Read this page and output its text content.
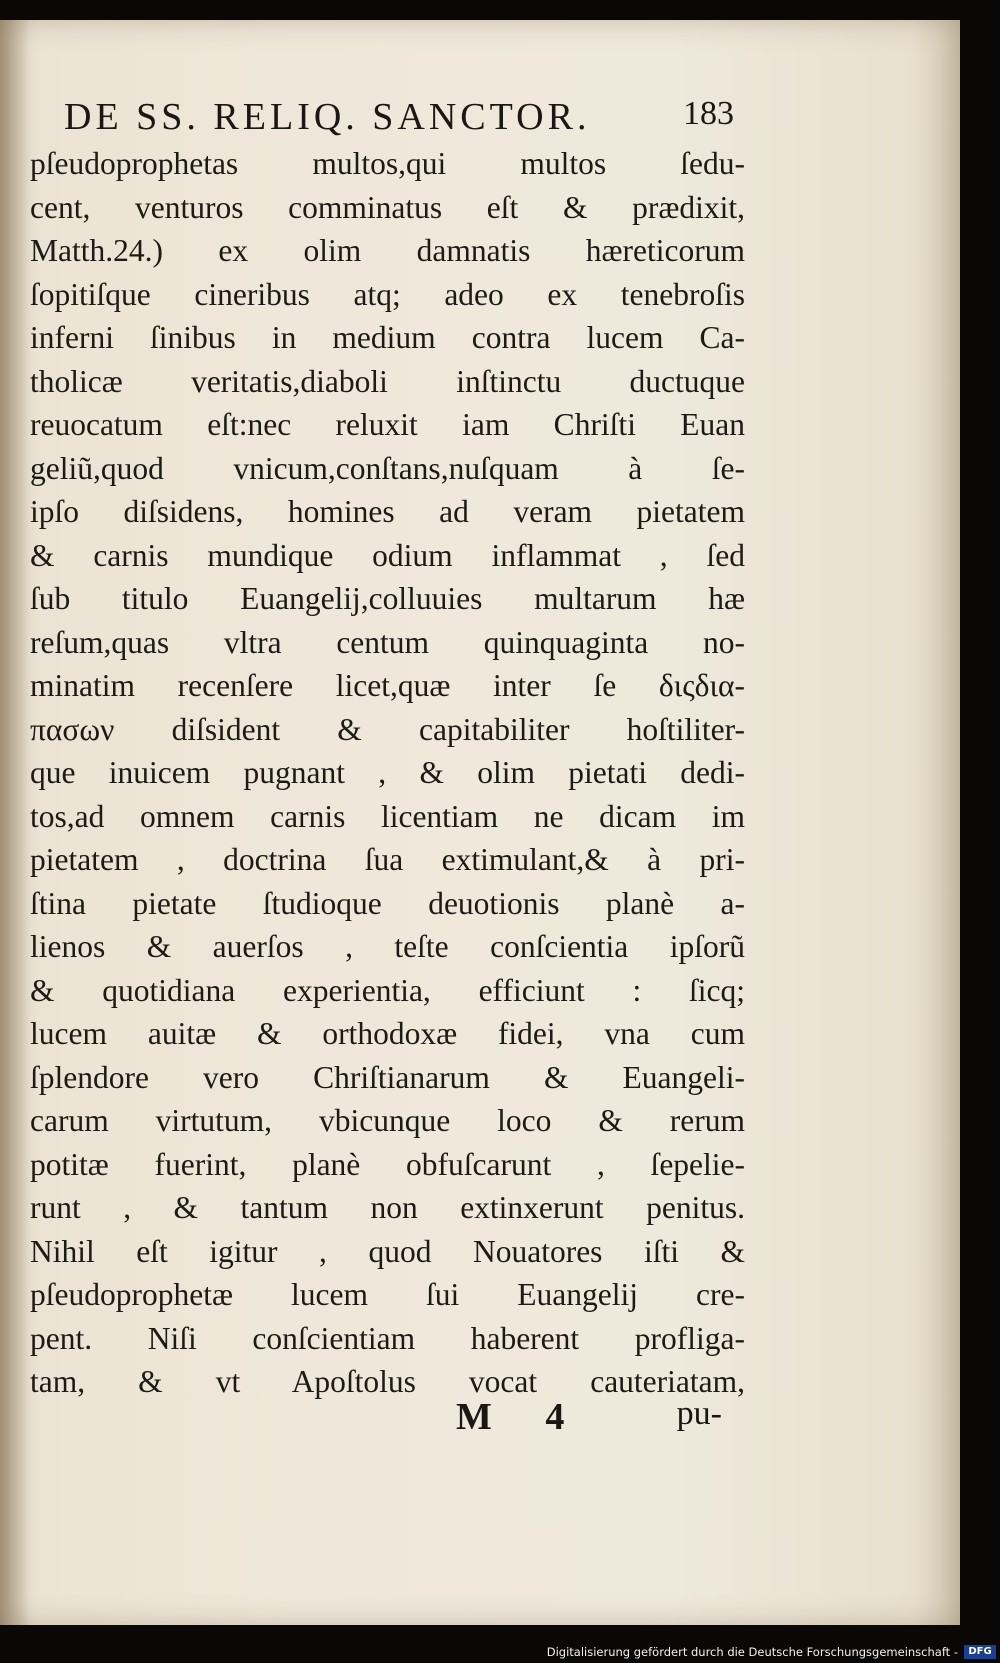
DE SS. RELIQ. SANCTOR.	183
pſeudoprophetas multos,qui multos ſedu-
cent, venturos comminatus eſt & prædixit,
Matth.24.) ex olim damnatis hæreticorum
ſopitiſque cineribus atq; adeo ex tenebroſis
inferni ſinibus in medium contra lucem Ca-
tholicæ veritatis,diaboli inſtinctu ductuque
reuocatum eſt:nec reluxit iam Chriſti Euan
geliũ,quod vnicum,conſtans,nuſquam à ſe-
ipſo diſsidens, homines ad veram pietatem
& carnis mundique odium inflammat , ſed
ſub titulo Euangelij,colluuies multarum hæ
reſum,quas vltra centum quinquaginta no-
minatim recenſere licet,quæ inter ſe διςδια-
πασων diſsident & capitabiliter hoſtiliter-
que inuicem pugnant , & olim pietati dedi-
tos,ad omnem carnis licentiam ne dicam im
pietatem , doctrina ſua extimulant,& à pri-
ſtina pietate ſtudioque deuotionis planè a-
lienos & auerſos , teſte conſcientia ipſorũ
& quotidiana experientia, efficiunt : ſicq;
lucem auitæ & orthodoxæ fidei, vna cum
ſplendore vero Chriſtianarum & Euangeli-
carum virtutum, vbicunque loco & rerum
potitæ fuerint, planè obfuſcarunt , ſepelie-
runt , & tantum non extinxerunt penitus.
Nihil eſt igitur , quod Nouatores iſti &
pſeudoprophetæ lucem ſui Euangelij cre-
pent. Niſi conſcientiam haberent profliga-
tam, & vt Apoſtolus vocat cauteriatam,
M 4	pu-
Digitalisierung gefördert durch die Deutsche Forschungsgemeinschaft -	DFG
